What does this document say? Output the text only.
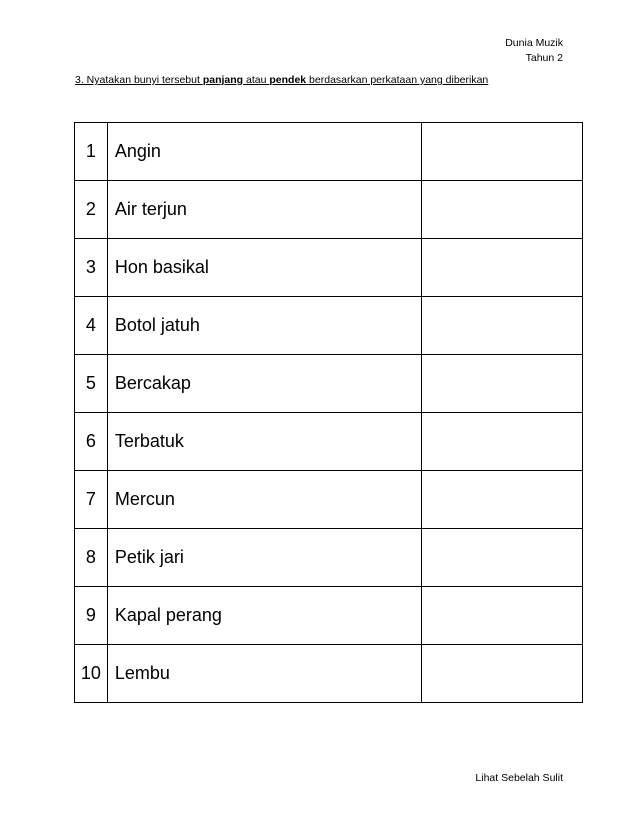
Dunia Muzik
Tahun 2
3. Nyatakan bunyi tersebut panjang atau pendek berdasarkan perkataan yang diberikan
1	Angin	
2	Air terjun	
3	Hon basikal	
4	Botol jatuh	
5	Bercakap	
6	Terbatuk	
7	Mercun	
8	Petik jari	
9	Kapal perang	
10	Lembu	
Lihat Sebelah Sulit
